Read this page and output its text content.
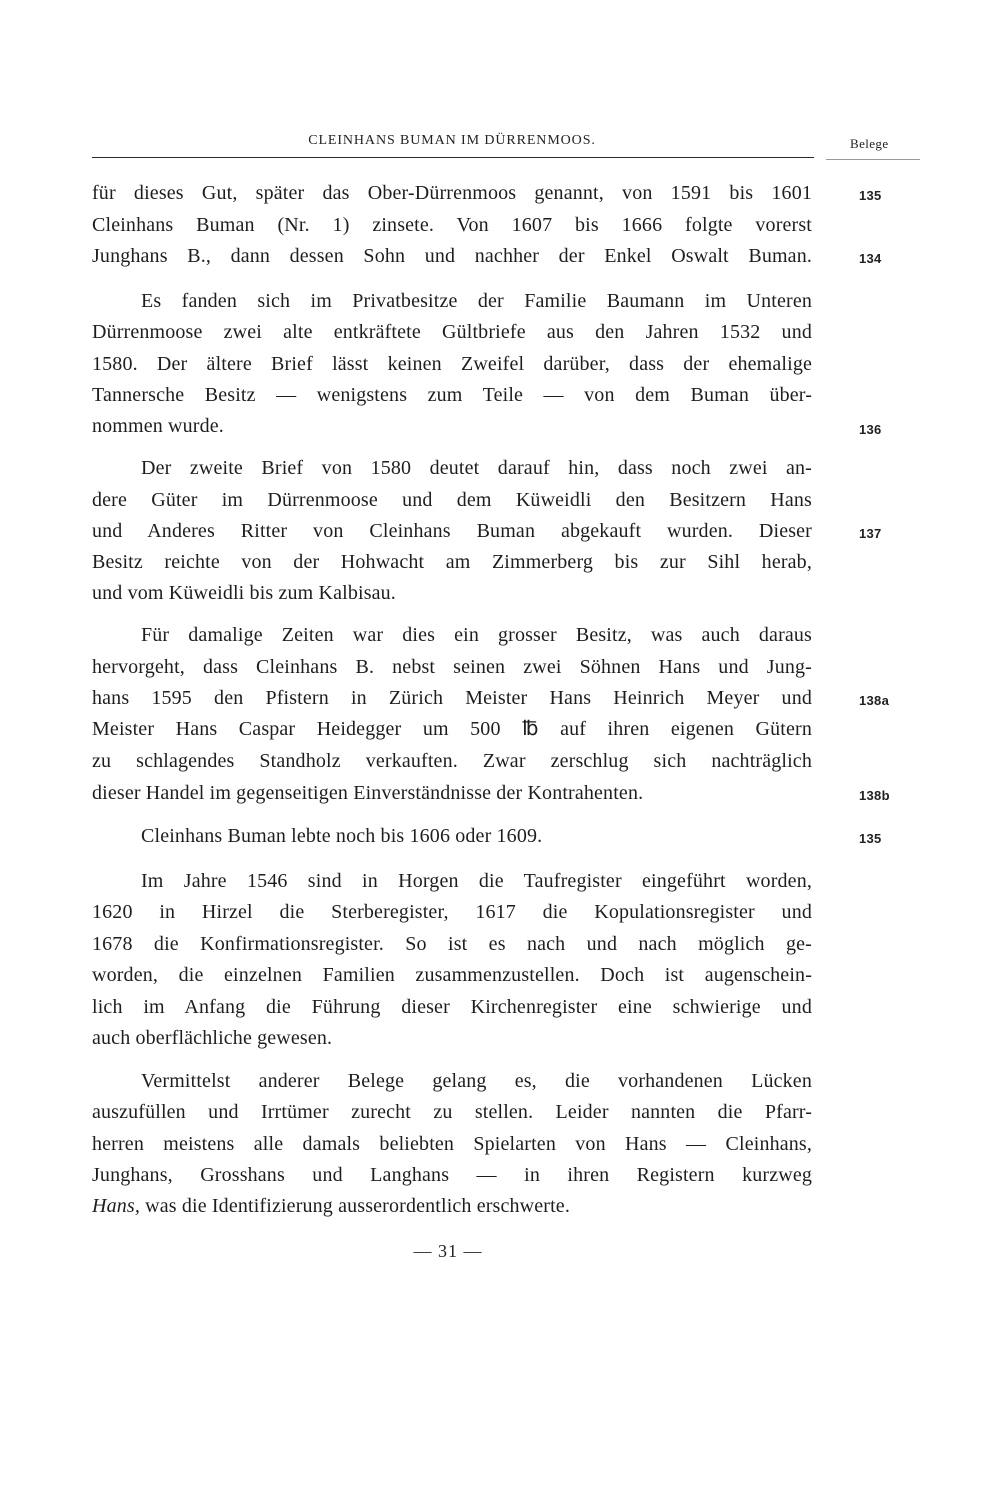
CLEINHANS BUMAN IM DÜRRENMOOS.	Belege
für dieses Gut, später das Ober-Dürrenmoos genannt, von 1591 bis 1601
Cleinhans Buman (Nr. 1) zinsete. Von 1607 bis 1666 folgte vorerst
Junghans B., dann dessen Sohn und nachher der Enkel Oswalt Buman.
Es fanden sich im Privatbesitze der Familie Baumann im Unteren
Dürrenmoose zwei alte entkräftete Gültbriefe aus den Jahren 1532 und
1580. Der ältere Brief lässt keinen Zweifel darüber, dass der ehemalige
Tannersche Besitz — wenigstens zum Teile — von dem Buman über-
nommen wurde.
Der zweite Brief von 1580 deutet darauf hin, dass noch zwei an-
dere Güter im Dürrenmoose und dem Küweidli den Besitzern Hans
und Anderes Ritter von Cleinhans Buman abgekauft wurden. Dieser
Besitz reichte von der Hohwacht am Zimmerberg bis zur Sihl herab,
und vom Küweidli bis zum Kalbisau.
Für damalige Zeiten war dies ein grosser Besitz, was auch daraus
hervorgeht, dass Cleinhans B. nebst seinen zwei Söhnen Hans und Jung-
hans 1595 den Pfistern in Zürich Meister Hans Heinrich Meyer und
Meister Hans Caspar Heidegger um 500 ℔ auf ihren eigenen Gütern
zu schlagendes Standholz verkauften. Zwar zerschlug sich nachträglich
dieser Handel im gegenseitigen Einverständnisse der Kontrahenten.
Cleinhans Buman lebte noch bis 1606 oder 1609.
Im Jahre 1546 sind in Horgen die Taufregister eingeführt worden,
1620 in Hirzel die Sterberegister, 1617 die Kopulationsregister und
1678 die Konfirmationsregister. So ist es nach und nach möglich ge-
worden, die einzelnen Familien zusammenzustellen. Doch ist augenschein-
lich im Anfang die Führung dieser Kirchenregister eine schwierige und
auch oberflächliche gewesen.
Vermittelst anderer Belege gelang es, die vorhandenen Lücken
auszufüllen und Irrtümer zurecht zu stellen. Leider nannten die Pfarr-
herren meistens alle damals beliebten Spielarten von Hans — Cleinhans,
Junghans, Grosshans und Langhans — in ihren Registern kurzweg
Hans, was die Identifizierung ausserordentlich erschwerte.
135
134
136
137
138a
138b
135
— 31 —
